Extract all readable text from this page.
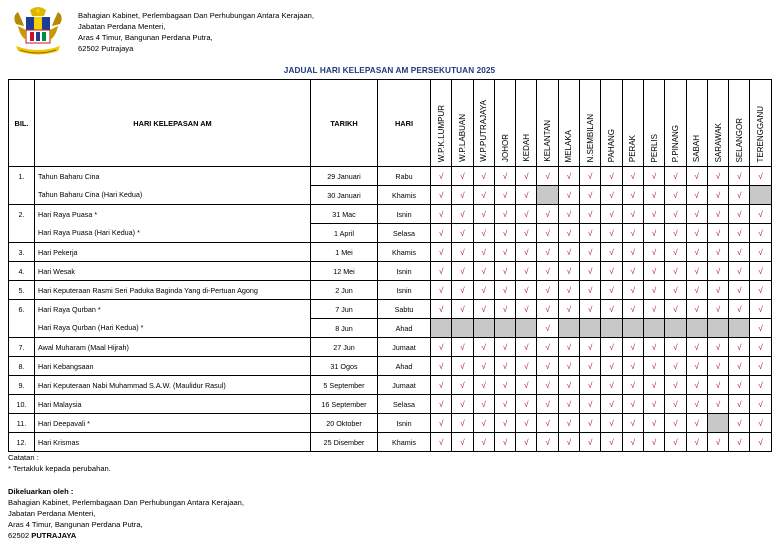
Bahagian Kabinet, Perlembagaan Dan Perhubungan Antara Kerajaan,
Jabatan Perdana Menteri,
Aras 4 Timur, Bangunan Perdana Putra,
62502 Putrajaya
JADUAL HARI KELEPASAN AM PERSEKUTUAN 2025
BIL.	HARI KELEPASAN AM	TARIKH	HARI	W.P.K.LUMPUR	W.P.LABUAN	W.P.PUTRAJAYA	JOHOR	KEDAH	KELANTAN	MELAKA	N.SEMBILAN	PAHANG	PERAK	PERLIS	P.PINANG	SABAH	SARAWAK	SELANGOR	TERENGGANU
1.	Tahun Baharu Cina	29 Januari	Rabu	√	√	√	√	√	√	√	√	√	√	√	√	√	√	√	√
	Tahun Baharu Cina (Hari Kedua)	30 Januari	Khamis	√	√	√	√	√		√	√	√	√	√	√	√	√	√	
2.	Hari Raya Puasa *	31 Mac	Isnin	√	√	√	√	√	√	√	√	√	√	√	√	√	√	√	√
	Hari Raya Puasa (Hari Kedua) *	1 April	Selasa	√	√	√	√	√	√	√	√	√	√	√	√	√	√	√	√
3.	Hari Pekerja	1 Mei	Khamis	√	√	√	√	√	√	√	√	√	√	√	√	√	√	√	√
4.	Hari Wesak	12 Mei	Isnin	√	√	√	√	√	√	√	√	√	√	√	√	√	√	√	√
5.	Hari Keputeraan Rasmi Seri Paduka Baginda Yang di-Pertuan Agong	2 Jun	Isnin	√	√	√	√	√	√	√	√	√	√	√	√	√	√	√	√
6.	Hari Raya Qurban *	7 Jun	Sabtu	√	√	√	√	√	√	√	√	√	√	√	√	√	√	√	√
	Hari Raya Qurban (Hari Kedua) *	8 Jun	Ahad						√										√
7.	Awal Muharam (Maal Hijrah)	27 Jun	Jumaat	√	√	√	√	√	√	√	√	√	√	√	√	√	√	√	√
8.	Hari Kebangsaan	31 Ogos	Ahad	√	√	√	√	√	√	√	√	√	√	√	√	√	√	√	√
9.	Hari Keputeraan Nabi Muhammad S.A.W. (Maulidur Rasul)	5 September	Jumaat	√	√	√	√	√	√	√	√	√	√	√	√	√	√	√	√
10.	Hari Malaysia	16 September	Selasa	√	√	√	√	√	√	√	√	√	√	√	√	√	√	√	√
11.	Hari Deepavali *	20 Oktober	Isnin	√	√	√	√	√	√	√	√	√	√	√	√	√		√	√
12.	Hari Krismas	25 Disember	Khamis	√	√	√	√	√	√	√	√	√	√	√	√	√	√	√	√
Catatan :
* Tertakluk kepada perubahan.
Dikeluarkan oleh :
Bahagian Kabinet, Perlembagaan Dan Perhubungan Antara Kerajaan,
Jabatan Perdana Menteri,
Aras 4 Timur, Bangunan Perdana Putra,
62502 PUTRAJAYA
